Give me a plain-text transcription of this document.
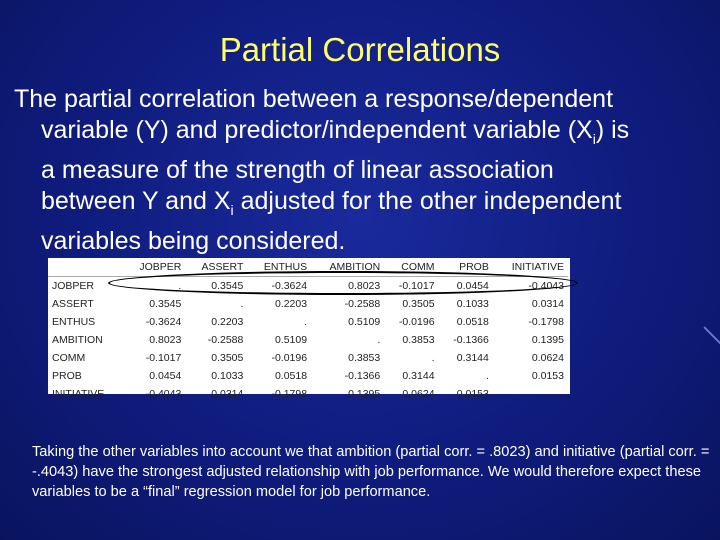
Partial Correlations
The partial correlation between a response/dependent
variable (Y) and predictor/independent variable $(X_i)$ is
a measure of the strength of linear association
between Y and $X_i$ adjusted for the other independent
variables being considered.
	JOBPER	ASSERT	ENTHUS	AMBITION	COMM	PROB	INITIATIVE
JOBPER	.	0.3545	-0.3624	0.8023	-0.1017	0.0454	-0.4043
ASSERT	0.3545	.	0.2203	-0.2588	0.3505	0.1033	0.0314
ENTHUS	-0.3624	0.2203	.	0.5109	-0.0196	0.0518	-0.1798
AMBITION	0.8023	-0.2588	0.5109	.	0.3853	-0.1366	0.1395
COMM	-0.1017	0.3505	-0.0196	0.3853	.	0.3144	0.0624
PROB	0.0454	0.1033	0.0518	-0.1366	0.3144	.	0.0153
INITIATIVE	-0.4043	0.0314	-0.1798	0.1395	0.0624	0.0153	.
Taking the other variables into account we that ambition (partial corr. = .8023) and initiative (partial corr. = -.4043) have the strongest adjusted relationship with job performance. We would therefore expect these variables to be a “final” regression model for job performance.
